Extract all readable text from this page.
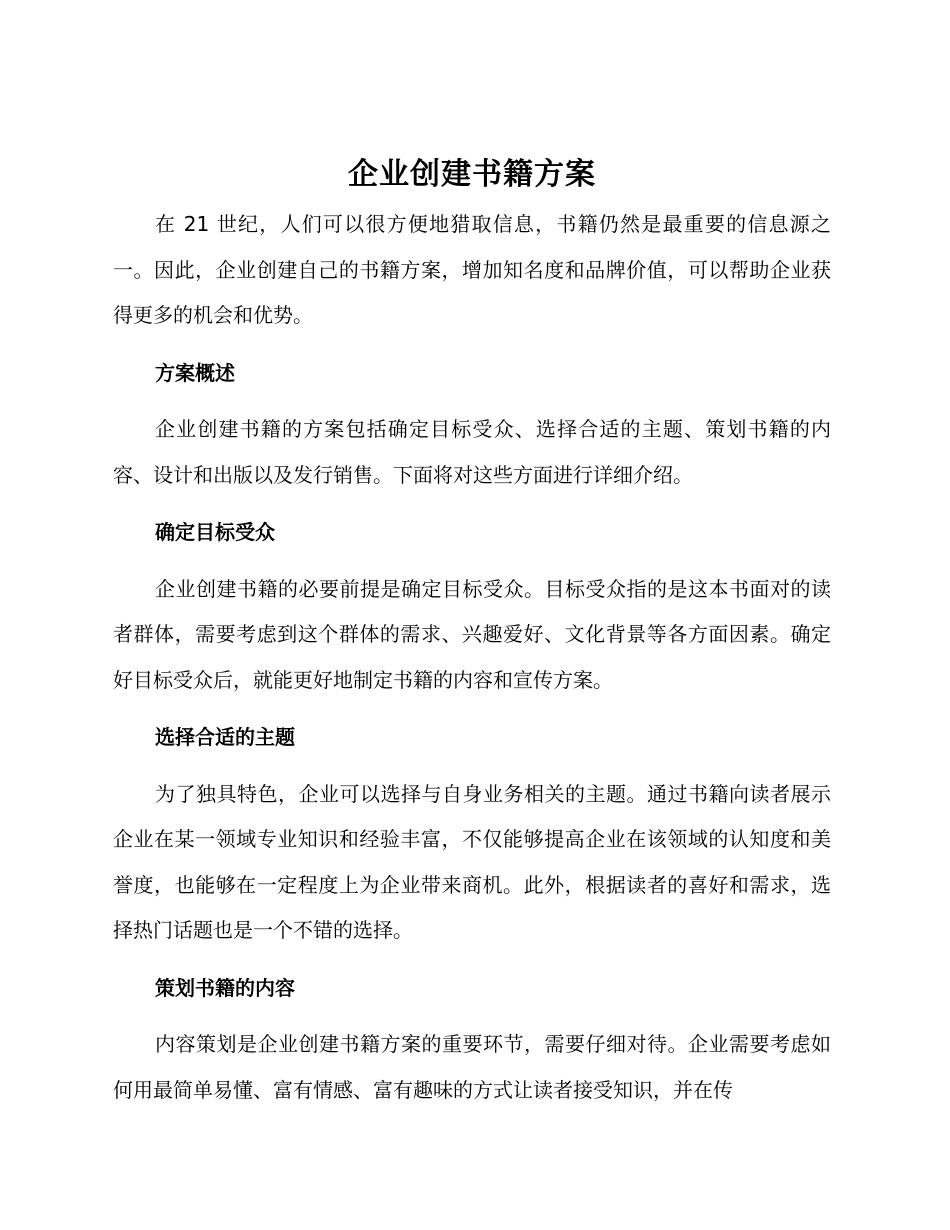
企业创建书籍方案

在 21 世纪，人们可以很方便地猎取信息，书籍仍然是最重要的信息源之一。因此，企业创建自己的书籍方案，增加知名度和品牌价值，可以帮助企业获得更多的机会和优势。

方案概述

企业创建书籍的方案包括确定目标受众、选择合适的主题、策划书籍的内容、设计和出版以及发行销售。下面将对这些方面进行详细介绍。

确定目标受众

企业创建书籍的必要前提是确定目标受众。目标受众指的是这本书面对的读者群体，需要考虑到这个群体的需求、兴趣爱好、文化背景等各方面因素。确定好目标受众后，就能更好地制定书籍的内容和宣传方案。

选择合适的主题

为了独具特色，企业可以选择与自身业务相关的主题。通过书籍向读者展示企业在某一领域专业知识和经验丰富，不仅能够提高企业在该领域的认知度和美誉度，也能够在一定程度上为企业带来商机。此外，根据读者的喜好和需求，选择热门话题也是一个不错的选择。

策划书籍的内容

内容策划是企业创建书籍方案的重要环节，需要仔细对待。企业需要考虑如何用最简单易懂、富有情感、富有趣味的方式让读者接受知识，并在传
